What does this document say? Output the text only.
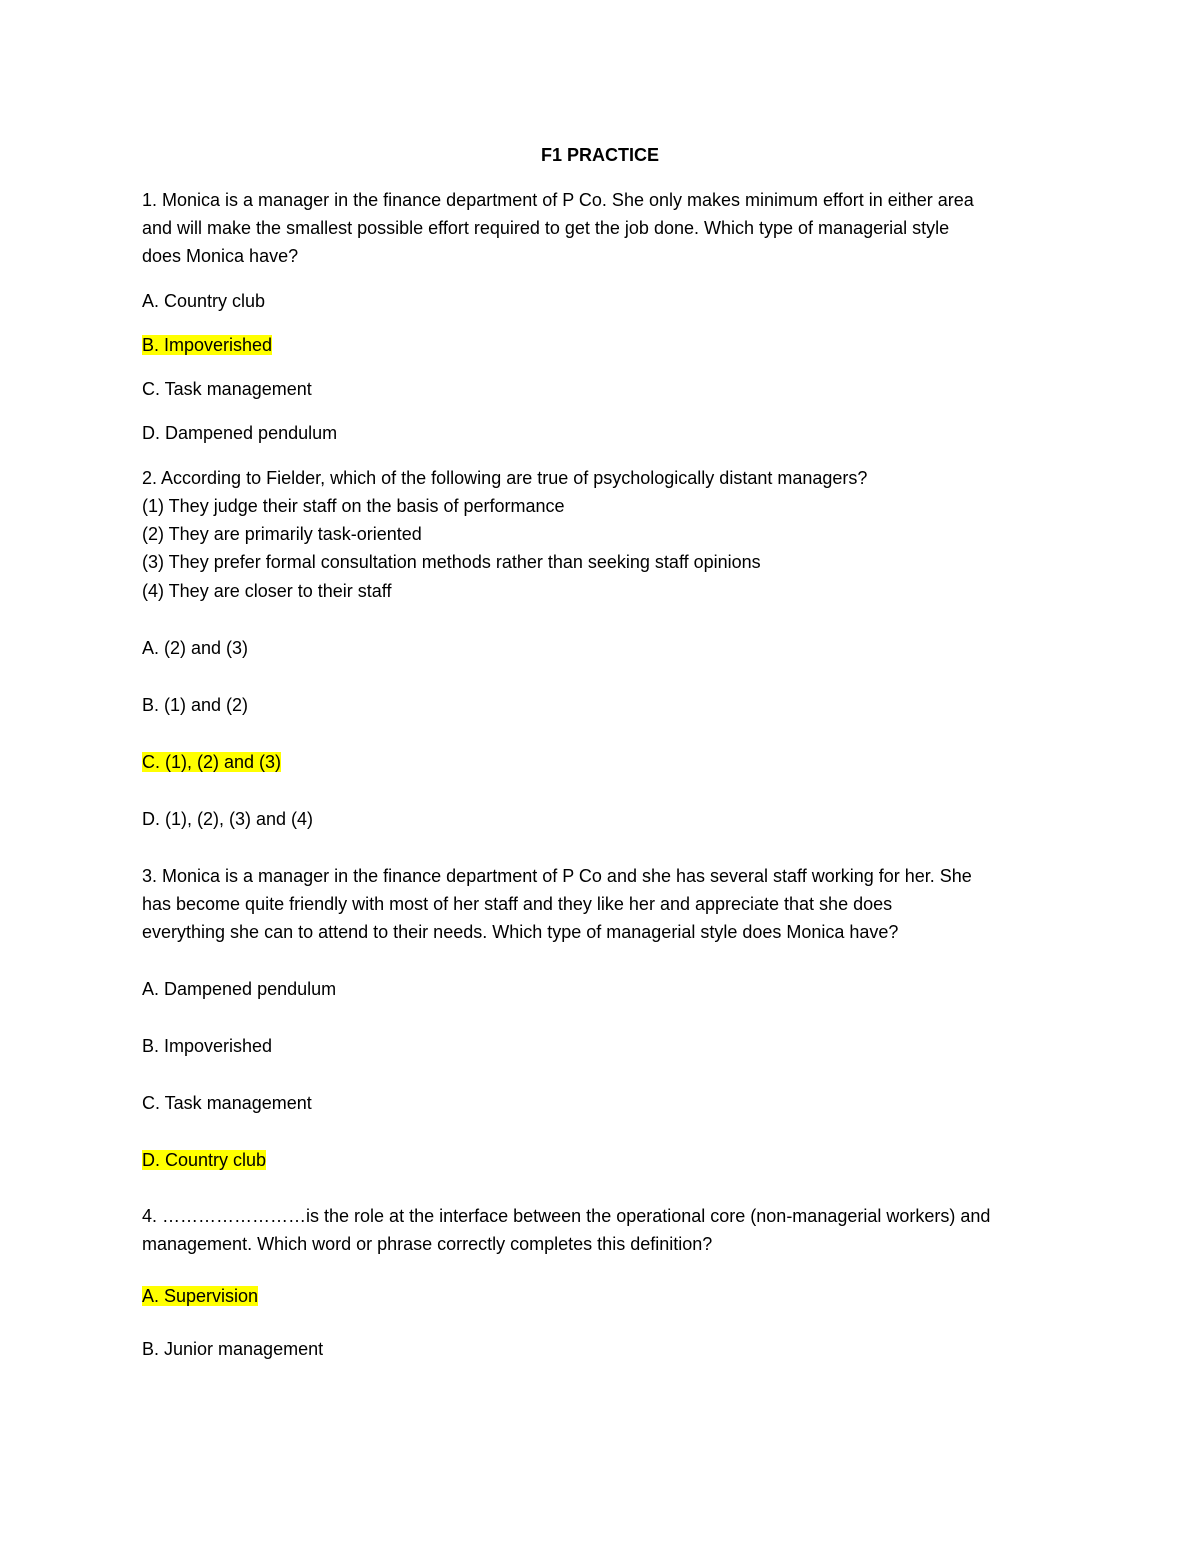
F1 PRACTICE
1. Monica is a manager in the finance department of P Co. She only makes minimum effort in either area
and will make the smallest possible effort required to get the job done. Which type of managerial style
does Monica have?
A. Country club
B. Impoverished
C. Task management
D. Dampened pendulum
2. According to Fielder, which of the following are true of psychologically distant managers?
(1) They judge their staff on the basis of performance
(2) They are primarily task-oriented
(3) They prefer formal consultation methods rather than seeking staff opinions
(4) They are closer to their staff
A. (2) and (3)
B. (1) and (2)
C. (1), (2) and (3)
D. (1), (2), (3) and (4)
3. Monica is a manager in the finance department of P Co and she has several staff working for her. She
has become quite friendly with most of her staff and they like her and appreciate that she does
everything she can to attend to their needs. Which type of managerial style does Monica have?
A. Dampened pendulum
B. Impoverished
C. Task management
D. Country club
4. ……………………is the role at the interface between the operational core (non-managerial workers) and
management. Which word or phrase correctly completes this definition?
A. Supervision
B. Junior management
